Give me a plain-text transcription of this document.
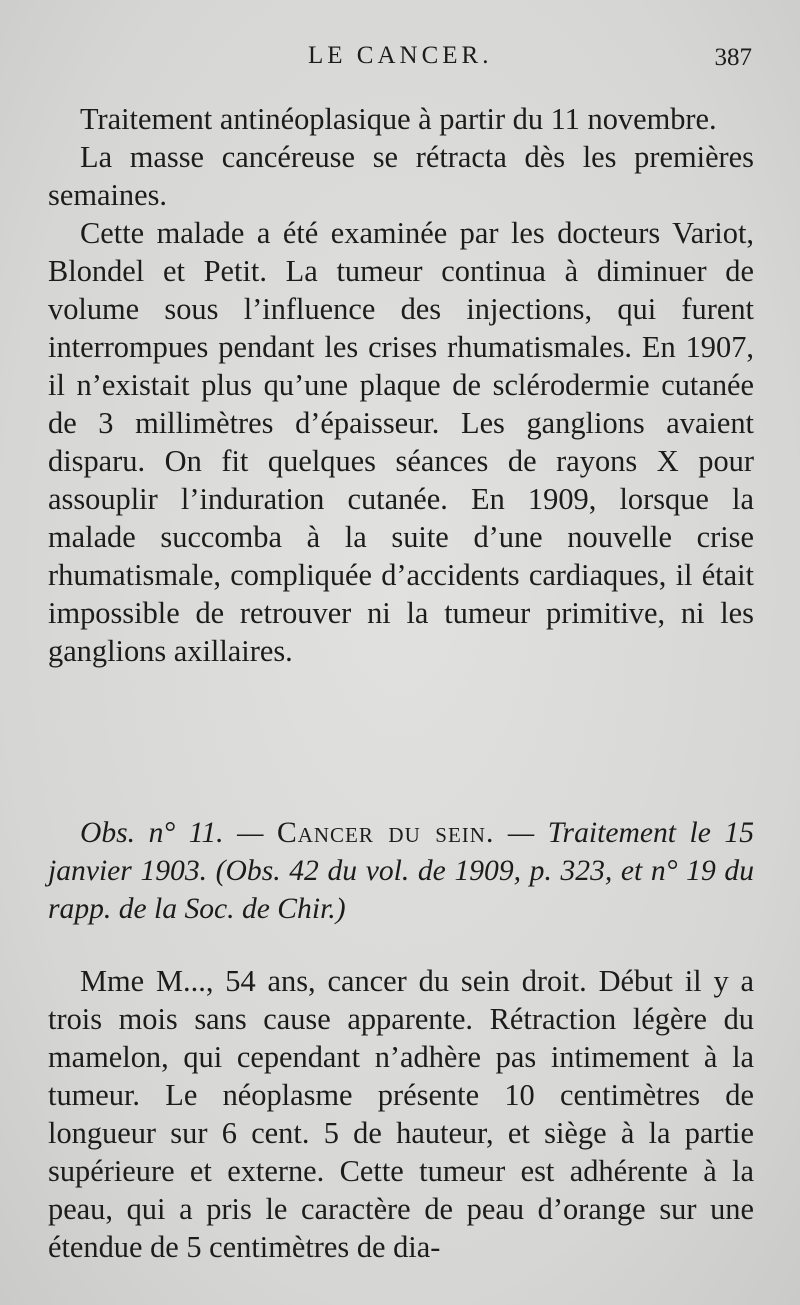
LE CANCER.	387

Traitement antinéoplasique à partir du 11 novembre.

La masse cancéreuse se rétracta dès les premières semaines.

Cette malade a été examinée par les docteurs Variot, Blondel et Petit. La tumeur continua à diminuer de volume sous l’influence des injections, qui furent interrompues pendant les crises rhumatismales. En 1907, il n’existait plus qu’une plaque de sclérodermie cutanée de 3 millimètres d’épaisseur. Les ganglions avaient disparu. On fit quelques séances de rayons X pour assouplir l’induration cutanée. En 1909, lorsque la malade succomba à la suite d’une nouvelle crise rhumatismale, compliquée d’accidents cardiaques, il était impossible de retrouver ni la tumeur primitive, ni les ganglions axillaires.

Obs. n° 11. — Cancer du sein. — Traitement le 15 janvier 1903. (Obs. 42 du vol. de 1909, p. 323, et n° 19 du rapp. de la Soc. de Chir.)

Mme M..., 54 ans, cancer du sein droit. Début il y a trois mois sans cause apparente. Rétraction légère du mamelon, qui cependant n’adhère pas intimement à la tumeur. Le néoplasme présente 10 centimètres de longueur sur 6 cent. 5 de hauteur, et siège à la partie supérieure et externe. Cette tumeur est adhérente à la peau, qui a pris le caractère de peau d’orange sur une étendue de 5 centimètres de dia-
